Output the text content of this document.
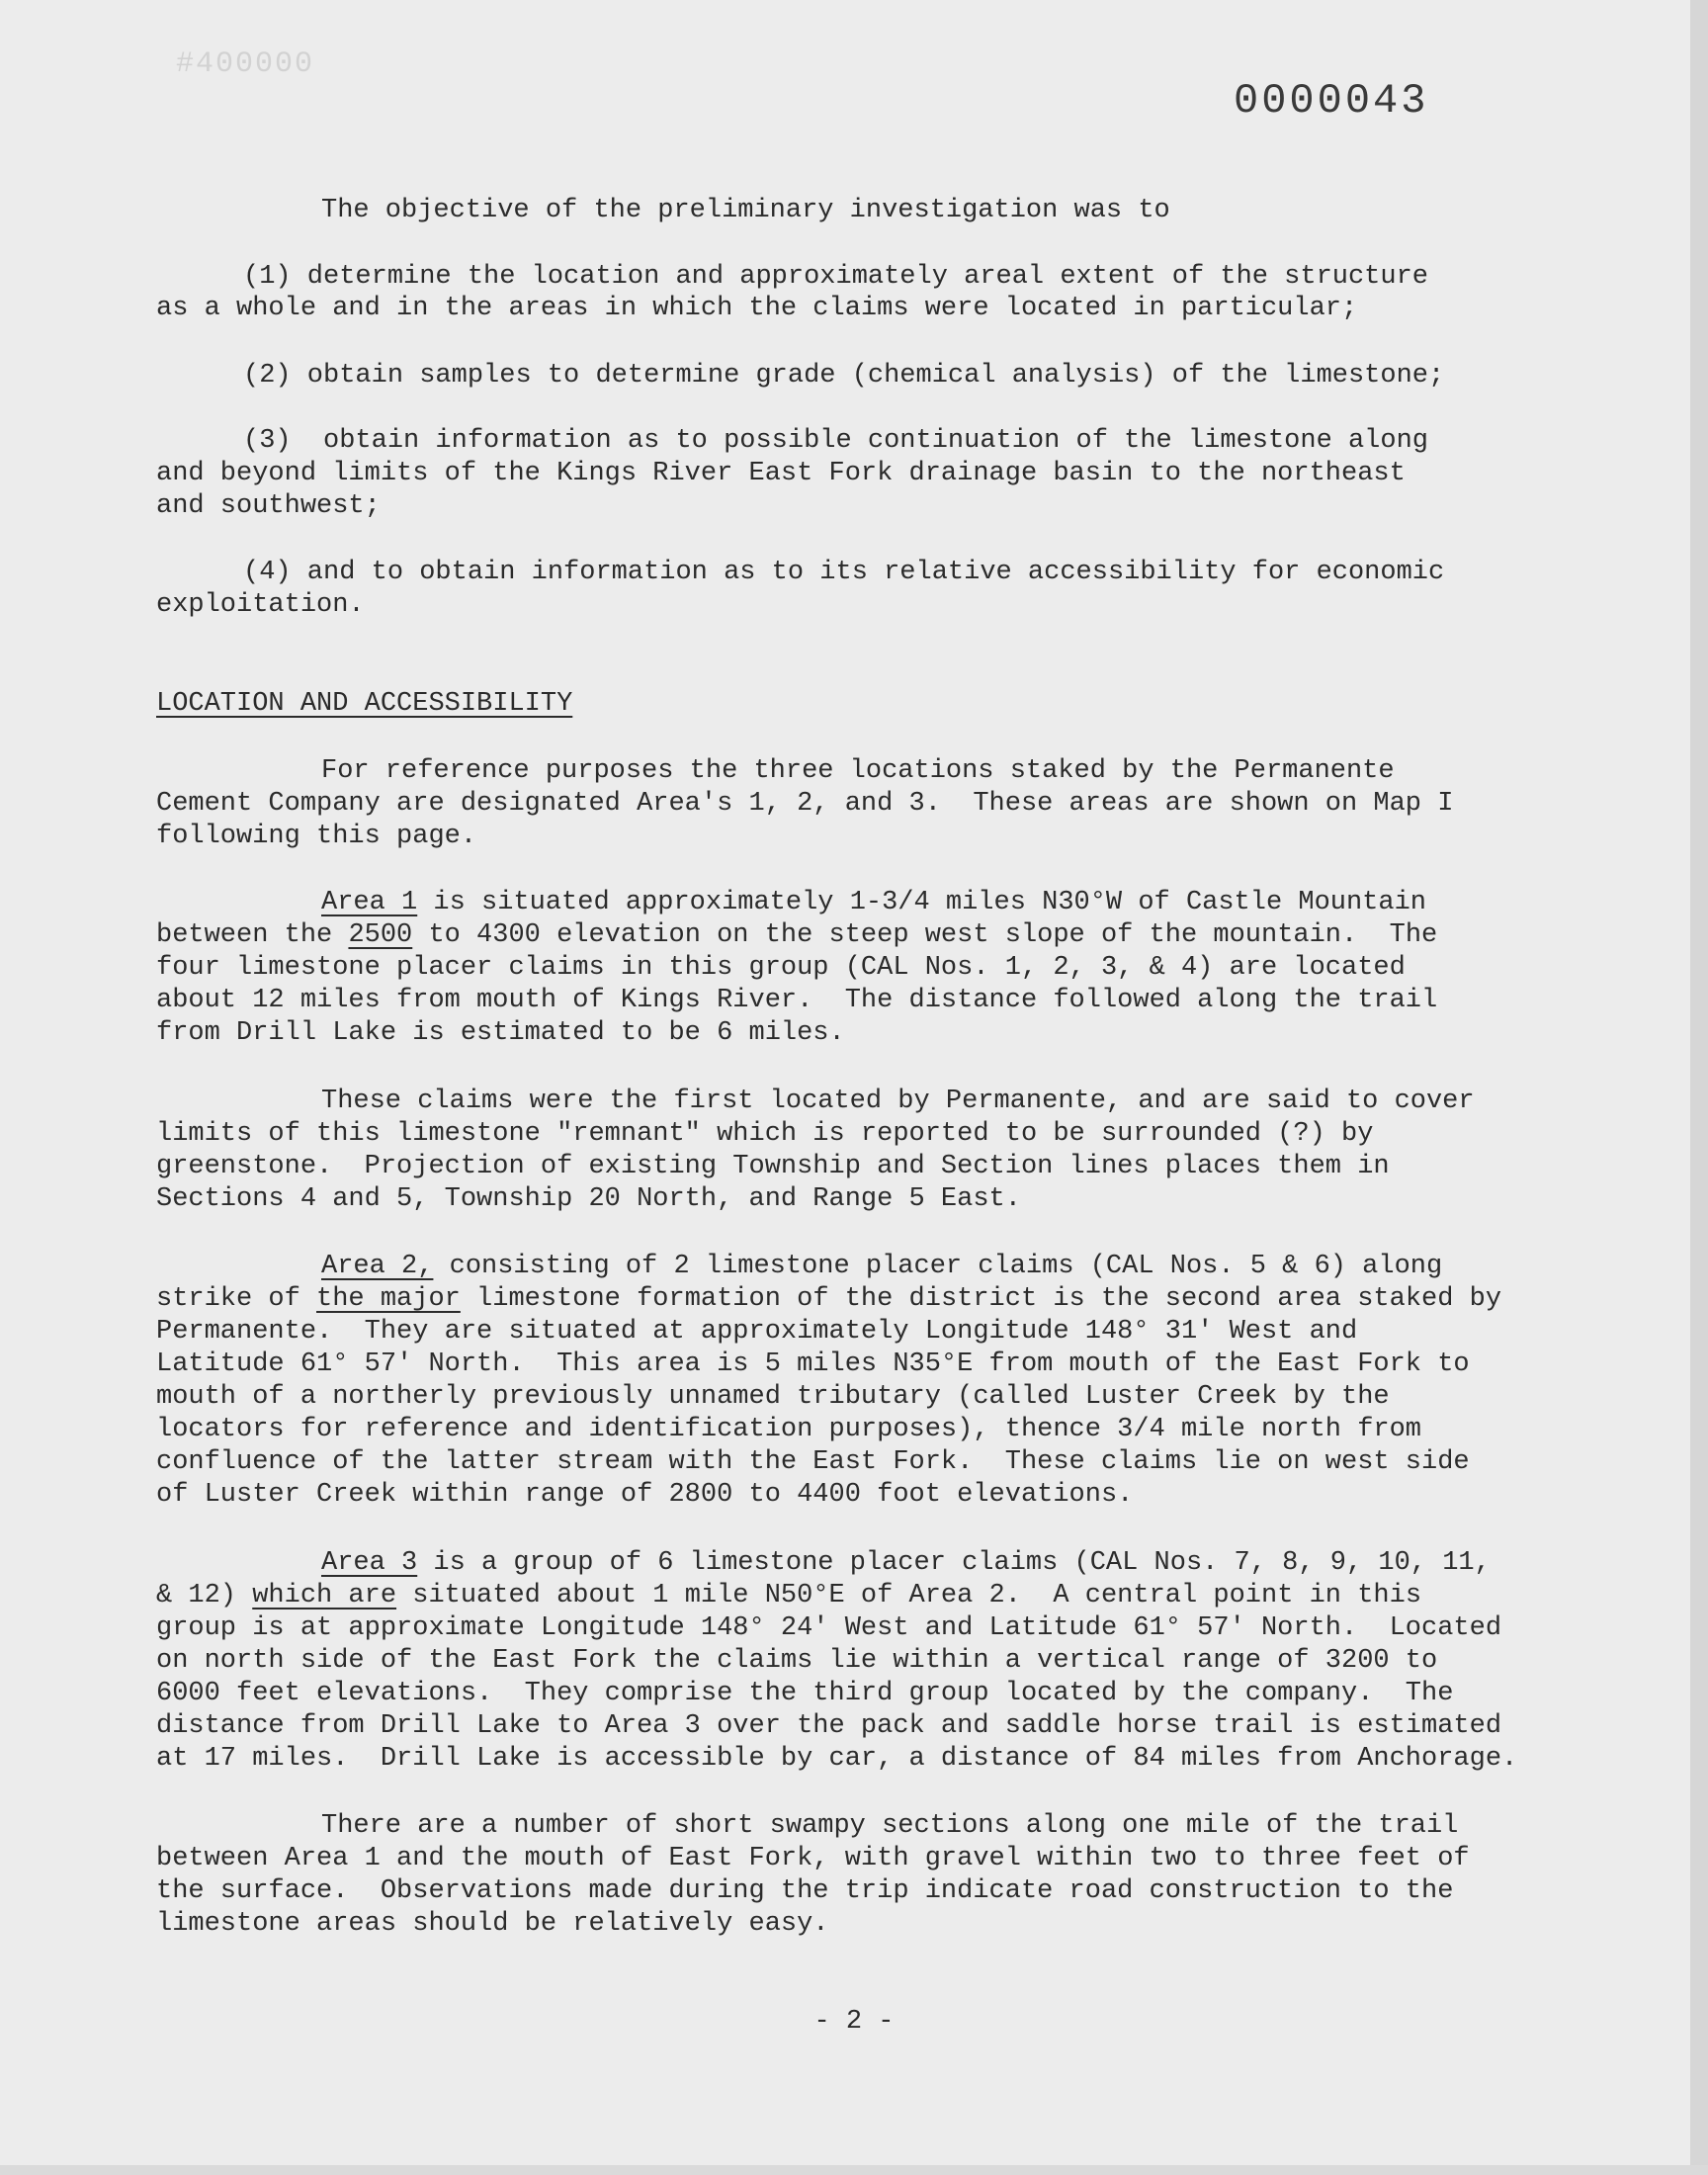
#400000
0000043
The objective of the preliminary investigation was to
(1) determine the location and approximately areal extent of the structure
as a whole and in the areas in which the claims were located in particular;
(2) obtain samples to determine grade (chemical analysis) of the limestone;
(3)  obtain information as to possible continuation of the limestone along
and beyond limits of the Kings River East Fork drainage basin to the northeast
and southwest;
(4) and to obtain information as to its relative accessibility for economic
exploitation.
LOCATION AND ACCESSIBILITY
For reference purposes the three locations staked by the Permanente
Cement Company are designated Area's 1, 2, and 3.  These areas are shown on Map I
following this page.
Area 1 is situated approximately 1-3/4 miles N30°W of Castle Mountain
between the 2500 to 4300 elevation on the steep west slope of the mountain.  The
four limestone placer claims in this group (CAL Nos. 1, 2, 3, & 4) are located
about 12 miles from mouth of Kings River.  The distance followed along the trail
from Drill Lake is estimated to be 6 miles.
These claims were the first located by Permanente, and are said to cover
limits of this limestone "remnant" which is reported to be surrounded (?) by
greenstone.  Projection of existing Township and Section lines places them in
Sections 4 and 5, Township 20 North, and Range 5 East.
Area 2, consisting of 2 limestone placer claims (CAL Nos. 5 & 6) along
strike of the major limestone formation of the district is the second area staked by
Permanente.  They are situated at approximately Longitude 148° 31' West and
Latitude 61° 57' North.  This area is 5 miles N35°E from mouth of the East Fork to
mouth of a northerly previously unnamed tributary (called Luster Creek by the
locators for reference and identification purposes), thence 3/4 mile north from
confluence of the latter stream with the East Fork.  These claims lie on west side
of Luster Creek within range of 2800 to 4400 foot elevations.
Area 3 is a group of 6 limestone placer claims (CAL Nos. 7, 8, 9, 10, 11,
& 12) which are situated about 1 mile N50°E of Area 2.  A central point in this
group is at approximate Longitude 148° 24' West and Latitude 61° 57' North.  Located
on north side of the East Fork the claims lie within a vertical range of 3200 to
6000 feet elevations.  They comprise the third group located by the company.  The
distance from Drill Lake to Area 3 over the pack and saddle horse trail is estimated
at 17 miles.  Drill Lake is accessible by car, a distance of 84 miles from Anchorage.
There are a number of short swampy sections along one mile of the trail
between Area 1 and the mouth of East Fork, with gravel within two to three feet of
the surface.  Observations made during the trip indicate road construction to the
limestone areas should be relatively easy.
- 2 -
